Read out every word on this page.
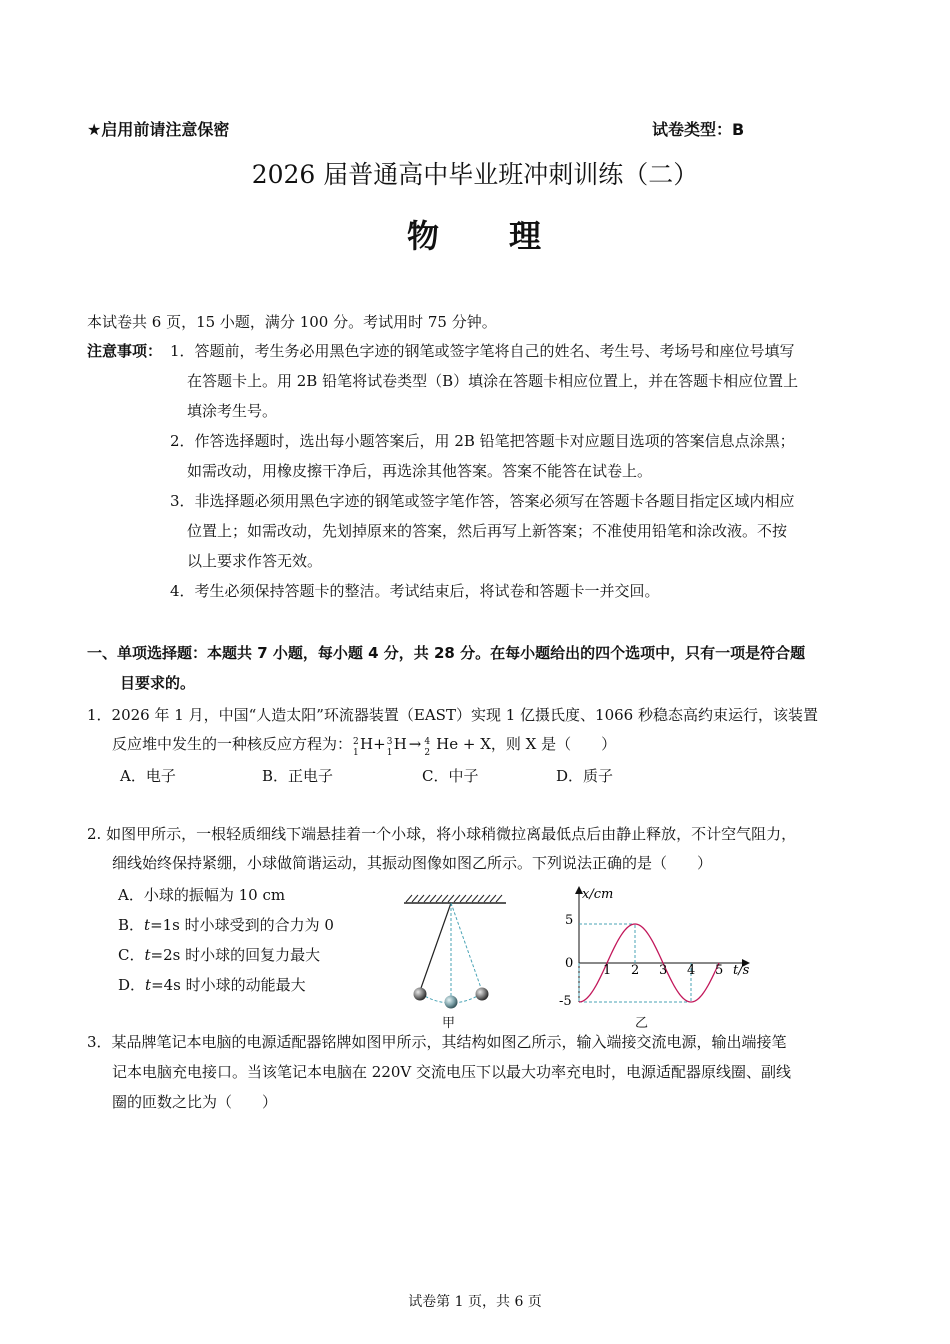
★启用前请注意保密	试卷类型：B
2026 届普通高中毕业班冲刺训练（二）
物　　理
本试卷共 6 页，15 小题，满分 100 分。考试用时 75 分钟。
注意事项： 1．答题前，考生务必用黑色字迹的钢笔或签字笔将自己的姓名、考生号、考场号和座位号填写
在答题卡上。用 2B 铅笔将试卷类型（B）填涂在答题卡相应位置上，并在答题卡相应位置上
填涂考生号。
2．作答选择题时，选出每小题答案后，用 2B 铅笔把答题卡对应题目选项的答案信息点涂黑；
如需改动，用橡皮擦干净后，再选涂其他答案。答案不能答在试卷上。
3．非选择题必须用黑色字迹的钢笔或签字笔作答，答案必须写在答题卡各题目指定区域内相应
位置上；如需改动，先划掉原来的答案，然后再写上新答案；不准使用铅笔和涂改液。不按
以上要求作答无效。
4．考生必须保持答题卡的整洁。考试结束后，将试卷和答题卡一并交回。
一、单项选择题：本题共 7 小题，每小题 4 分，共 28 分。在每小题给出的四个选项中，只有一项是符合题
目要求的。
1．2026 年 1 月，中国“人造太阳”环流器装置（EAST）实现 1 亿摄氏度、1066 秒稳态高约束运行，该装置
反应堆中发生的一种核反应方程为： 2
1 H+ 3
1 H → 4
2 He + X，则 X 是（　　）
A．电子	B．正电子	C．中子	D．质子
2. 如图甲所示，一根轻质细线下端悬挂着一个小球，将小球稍微拉离最低点后由静止释放，不计空气阻力，
细线始终保持紧绷，小球做简谐运动，其振动图像如图乙所示。下列说法正确的是（　　）
A．小球的振幅为 10 cm
B．t=1s 时小球受到的合力为 0
C．t=2s 时小球的回复力最大
D．t=4s 时小球的动能最大
甲
x/cm
t/s
5
0
-5
1 2 3 4 5
乙
3．某品牌笔记本电脑的电源适配器铭牌如图甲所示，其结构如图乙所示，输入端接交流电源，输出端接笔
记本电脑充电接口。当该笔记本电脑在 220V 交流电压下以最大功率充电时，电源适配器原线圈、副线
圈的匝数之比为（　　）
试卷第 1 页，共 6 页
